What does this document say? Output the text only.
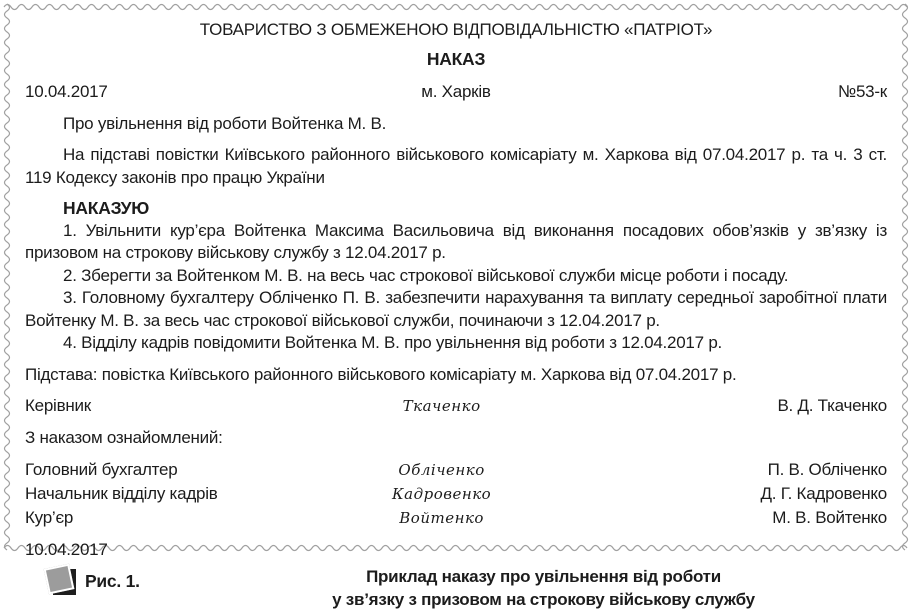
ТОВАРИСТВО З ОБМЕЖЕНОЮ ВІДПОВІДАЛЬНІСТЮ «ПАТРІОТ»
НАКАЗ
10.04.2017	м. Харків	№53-к

Про увільнення від роботи Войтенка М. В.

На підставі повістки Київського районного військового комісаріату м. Харкова від 07.04.2017 р. та ч. 3 ст. 119 Кодексу законів про працю України

НАКАЗУЮ

1. Увільнити кур’єра Войтенка Максима Васильовича від виконання посадових обов’язків у зв’язку із призовом на строкову військову службу з 12.04.2017 р.

2. Зберегти за Войтенком М. В. на весь час строкової військової служби місце роботи і посаду.

3. Головному бухгалтеру Обліченко П. В. забезпечити нарахування та виплату середньої заробітної плати Войтенку М. В. за весь час строкової військової служби, починаючи з 12.04.2017 р.

4. Відділу кадрів повідомити Войтенка М. В. про увільнення від роботи з 12.04.2017 р.

Підстава: повістка Київського районного військового комісаріату м. Харкова від 07.04.2017 р.

Керівник	Ткаченко	В. Д. Ткаченко

З наказом ознайомлений:

Головний бухгалтер	Обліченко	П. В. Обліченко
Начальник відділу кадрів	Кадровенко	Д. Г. Кадровенко
Кур’єр	Войтенко	М. В. Войтенко

10.04.2017

Рис. 1.	Приклад наказу про увільнення від роботи
у зв’язку з призовом на строкову військову службу
